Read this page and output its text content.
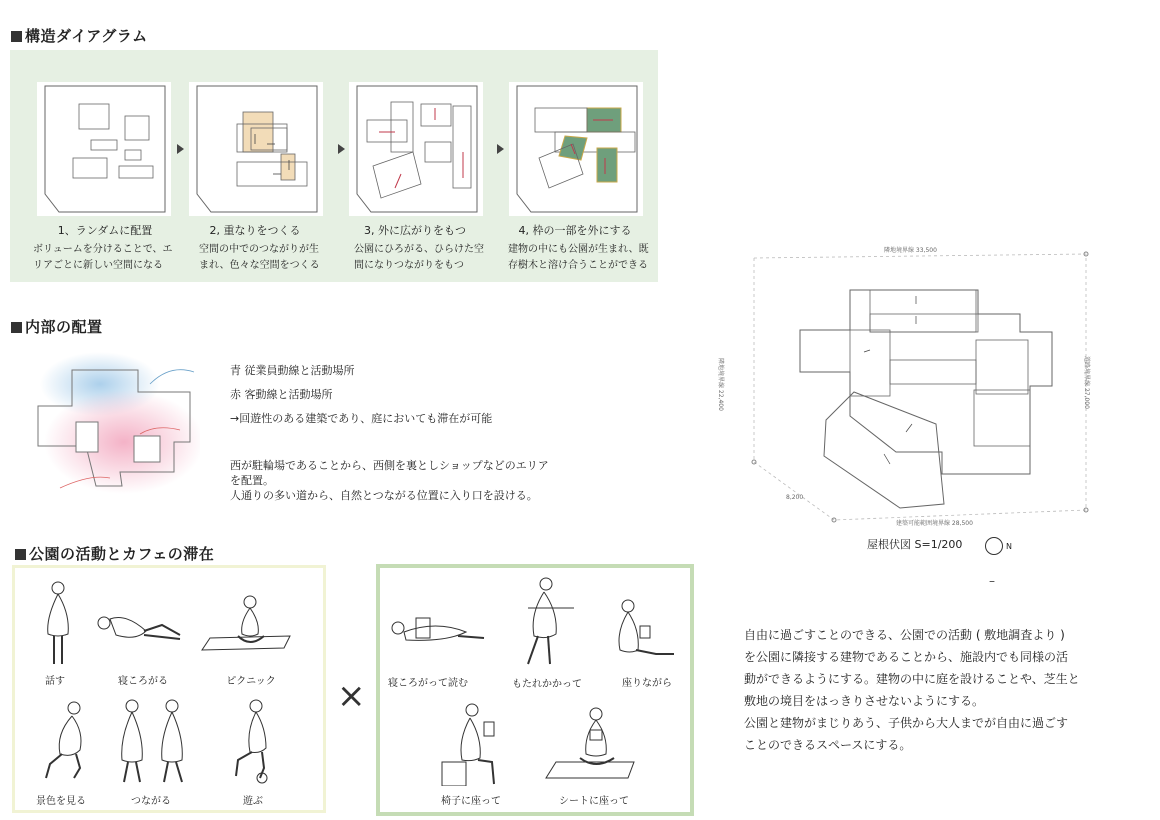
構造ダイアグラム
1、ランダムに配置
ボリュームを分けることで、エ
リアごとに新しい空間になる
2, 重なりをつくる
空間の中でのつながりが生
まれ、色々な空間をつくる
3, 外に広がりをもつ
公園にひろがる、ひらけた空
間になりつながりをもつ
4, 枠の一部を外にする
建物の中にも公園が生まれ、既
存樹木と溶け合うことができる
内部の配置
青 従業員動線と活動場所
赤 客動線と活動場所
→回遊性のある建築であり、庭においても滞在が可能
西が駐輪場であることから、西側を裏としショップなどのエリア
を配置。
人通りの多い道から、自然とつながる位置に入り口を設ける。
公園の活動とカフェの滞在
×
話す	寝ころがる	ピクニック
景色を見る	つながる	遊ぶ
寝ころがって読む	もたれかかって	座りながら
椅子に座って	シートに座って
隣地境界線 33,500
建築可能範囲境界線 28,500
隣地境界線 22,400	道路境界線 27,000
8,200
屋根伏図 S=1/200	N
–
自由に過ごすことのできる、公園での活動 ( 敷地調査より )
を公園に隣接する建物であることから、施設内でも同様の活
動ができるようにする。建物の中に庭を設けることや、芝生と
敷地の境目をはっきりさせないようにする。
公園と建物がまじりあう、子供から大人までが自由に過ごす
ことのできるスペースにする。
